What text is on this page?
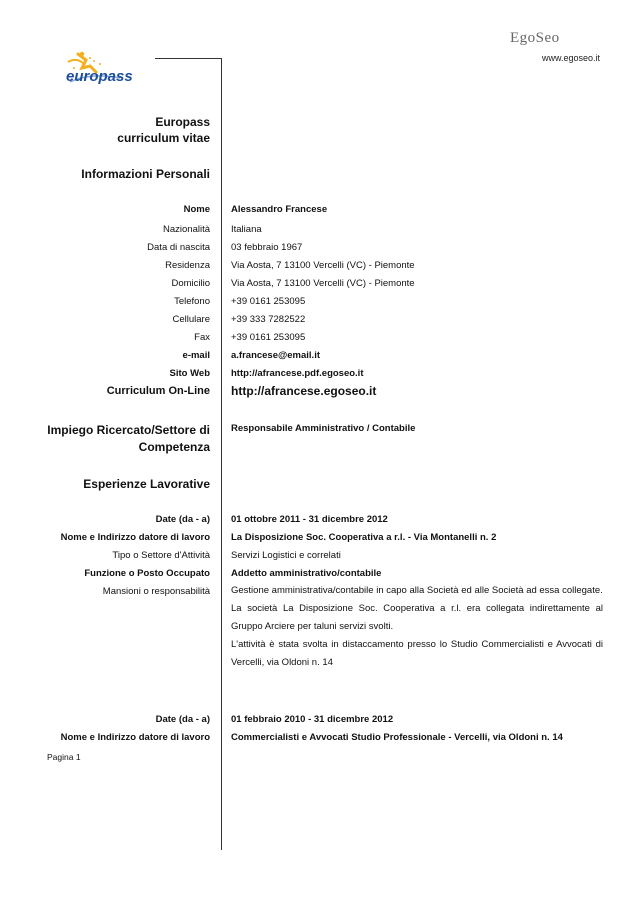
EgoSeo
www.egoseo.it
europass
Europass
curriculum vitae
Informazioni Personali
Nome Alessandro Francese
Nazionalità Italiana
Data di nascita 03 febbraio 1967
Residenza Via Aosta, 7 13100 Vercelli (VC) - Piemonte
Domicilio Via Aosta, 7 13100 Vercelli (VC) - Piemonte
Telefono +39 0161 253095
Cellulare +39 333 7282522
Fax +39 0161 253095
e-mail a.francese@email.it
Sito Web http://afrancese.pdf.egoseo.it
Curriculum On-Line http://afrancese.egoseo.it
Impiego Ricercato/Settore di
Competenza
Responsabile Amministrativo / Contabile
Esperienze Lavorative
Date (da - a) 01 ottobre 2011 - 31 dicembre 2012
Nome e Indirizzo datore di lavoro La Disposizione Soc. Cooperativa a r.l. - Via Montanelli n. 2
Tipo o Settore d'Attività Servizi Logistici e correlati
Funzione o Posto Occupato Addetto amministrativo/contabile
Mansioni o responsabilità Gestione amministrativa/contabile in capo alla Società ed alle Società ad essa collegate.

La società La Disposizione Soc. Cooperativa a r.l. era collegata indirettamente al Gruppo Arciere per taluni servizi svolti.

L'attività è stata svolta in distaccamento presso lo Studio Commercialisti e Avvocati di Vercelli, via Oldoni n. 14

Date (da - a) 01 febbraio 2010 - 31 dicembre 2012
Nome e Indirizzo datore di lavoro Commercialisti e Avvocati Studio Professionale - Vercelli, via Oldoni n. 14
Pagina 1
